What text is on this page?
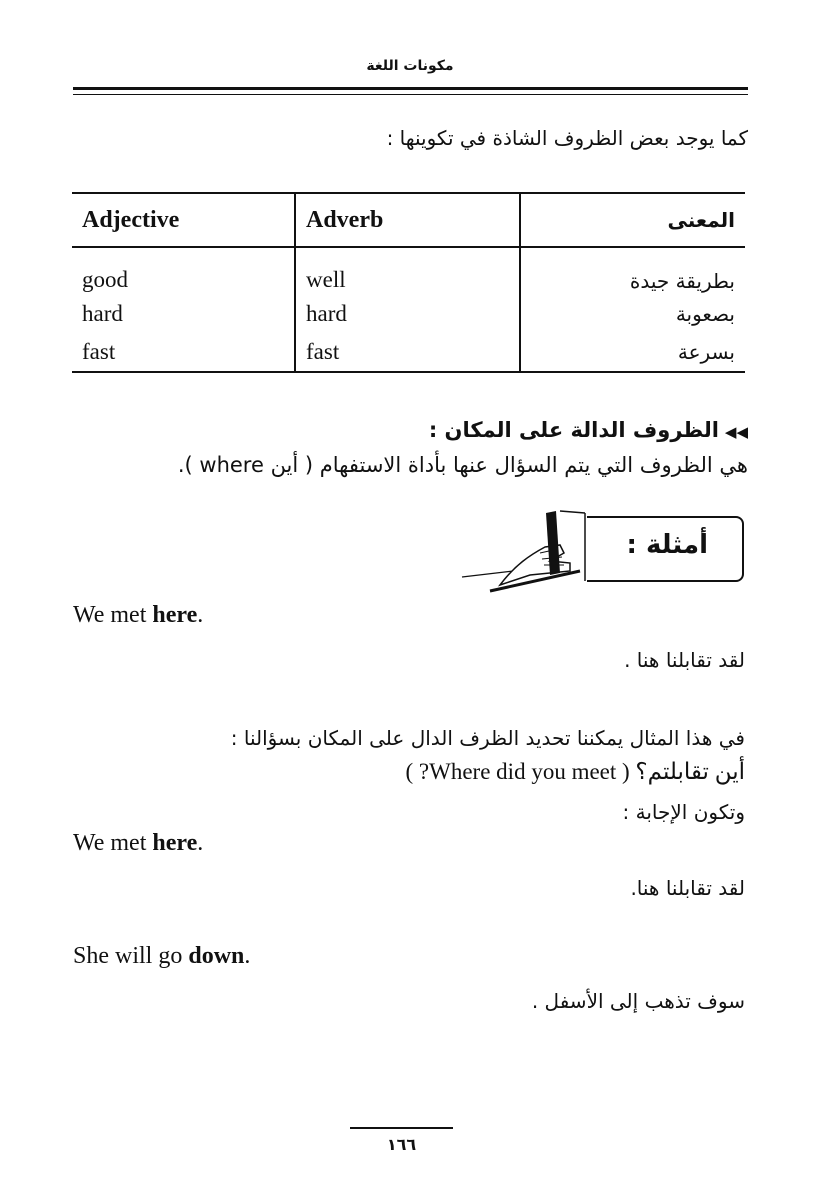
مكونات اللغة
كما يوجد بعض الظروف الشاذة في تكوينها :
Adjective	Adverb	المعنى
good	well	بطريقة جيدة
hard	hard	بصعوبة
fast	fast	بسرعة
◀◀الظروف الدالة على المكان :
هي الظروف التي يتم السؤال عنها بأداة الاستفهام ( أين where ).
أمثلة :
We met here.
لقد تقابلنا هنا .
في هذا المثال يمكننا تحديد الظرف الدال على المكان بسؤالنا :
أين تقابلتم؟ ( Where did you meet? )
وتكون الإجابة :
We met here.
لقد تقابلنا هنا.
She will go down.
سوف تذهب إلى الأسفل .
١٦٦
